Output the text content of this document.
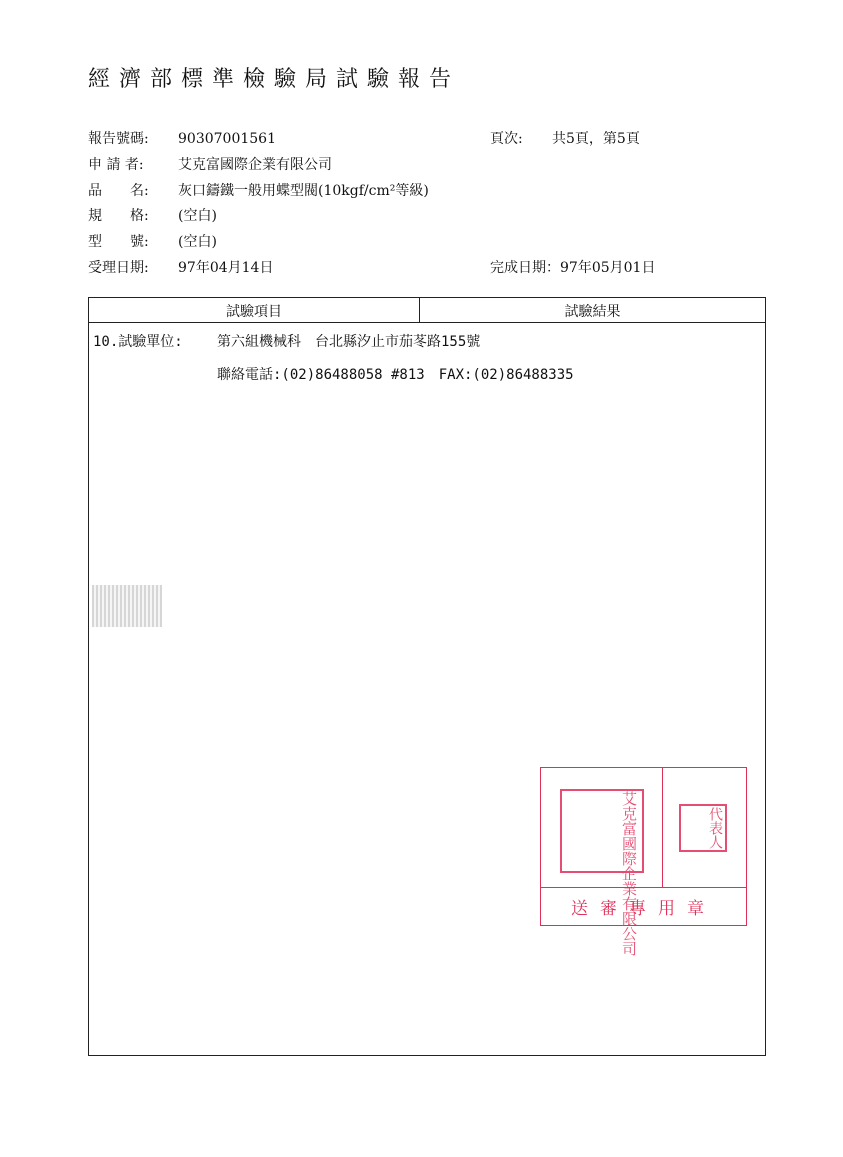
經濟部標準檢驗局試驗報告
報告號碼: 90307001561	頁次: 共5頁，第5頁
申 請 者: 艾克富國際企業有限公司
品　　名: 灰口鑄鐵一般用蝶型閥(10kgf/cm²等級)
規　　格: (空白)
型　　號: (空白)
受理日期: 97年04月14日	完成日期：97年05月01日
試驗項目	試驗結果
10.試驗單位: 第六組機械科　台北縣汐止市茄苳路155號
聯絡電話:(02)86488058 #813　FAX:(02)86488335
艾克富國際企業有限公司	代表人
送審專用章
